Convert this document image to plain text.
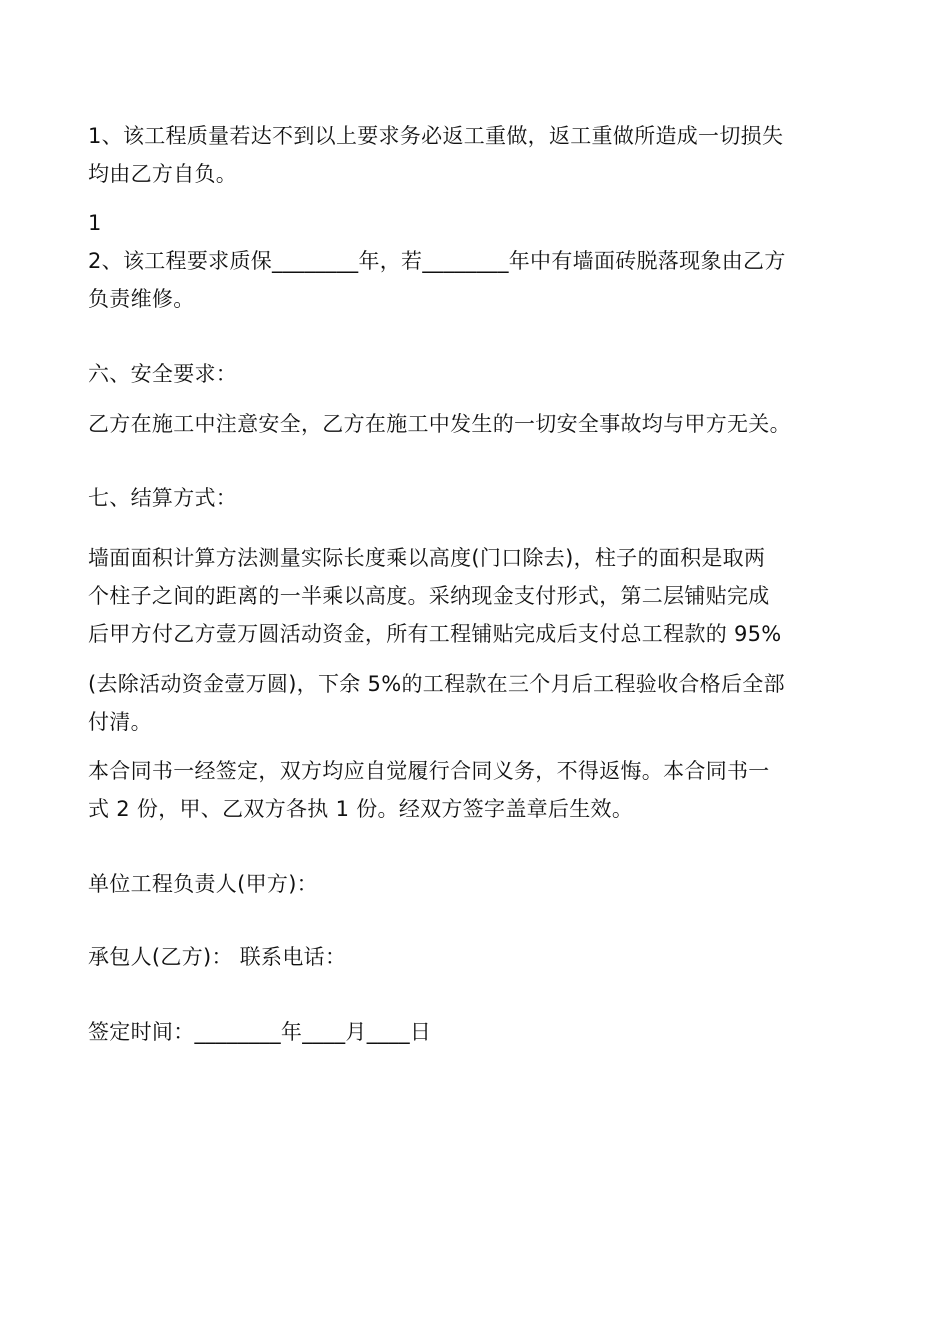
1、该工程质量若达不到以上要求务必返工重做，返工重做所造成一切损失
均由乙方自负。
1
2、该工程要求质保________年，若________年中有墙面砖脱落现象由乙方
负责维修。
六、安全要求：
乙方在施工中注意安全，乙方在施工中发生的一切安全事故均与甲方无关。
七、结算方式：
墙面面积计算方法测量实际长度乘以高度(门口除去)，柱子的面积是取两
个柱子之间的距离的一半乘以高度。采纳现金支付形式，第二层铺贴完成
后甲方付乙方壹万圆活动资金，所有工程铺贴完成后支付总工程款的 95%
(去除活动资金壹万圆)，下余 5%的工程款在三个月后工程验收合格后全部
付清。
本合同书一经签定，双方均应自觉履行合同义务，不得返悔。本合同书一
式 2 份，甲、乙双方各执 1 份。经双方签字盖章后生效。
单位工程负责人(甲方)：
承包人(乙方)： 联系电话：
签定时间：________年____月____日
